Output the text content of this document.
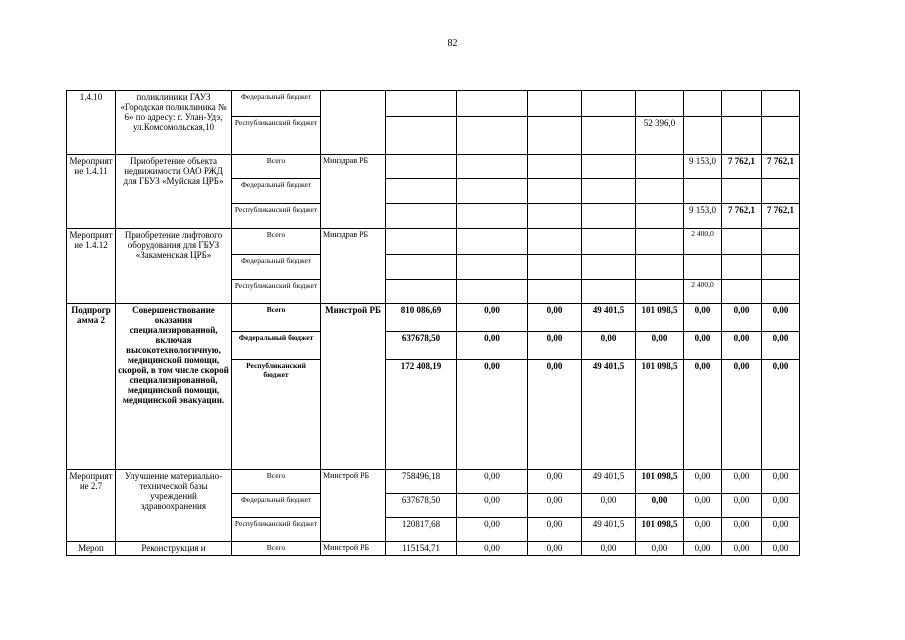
82
1.4.10	поликлиники ГАУЗ «Городская поликлиника № 6» по адресу: г. Улан-Удэ, ул.Комсомольская,10	Федеральный бюджет									
		Республиканский бюджет						52 396,0			
Мероприятие 1.4.11	Приобретение объекта недвижимости ОАО РЖД для ГБУЗ «Муйская ЦРБ»	Всего	Минздрав РБ						9 153,0	7 762,1	7 762,1
		Федеральный бюджет									
		Республиканский бюджет							9 153,0	7 762,1	7 762,1
Мероприятие 1.4.12	Приобретение лифтового оборудования для ГБУЗ «Закаменская ЦРБ»	Всего	Минздрав РБ						2 400,0		
		Федеральный бюджет									
		Республиканский бюджет							2 400,0		
Подпрограмма 2	Совершенствование оказания специализированной, включая высокотехнологичную, медицинской помощи, скорой, в том числе скорой специализированной, медицинской помощи, медицинской эвакуации.	Всего	Минстрой РБ	810 086,69	0,00	0,00	49 401,5	101 098,5	0,00	0,00	0,00
		Федеральный бюджет		637678,50	0,00	0,00	0,00	0,00	0,00	0,00	0,00
		Республиканский бюджет		172 408,19	0,00	0,00	49 401,5	101 098,5	0,00	0,00	0,00
Мероприятие 2.7	Улучшение материально-технической базы учреждений здравоохранения	Всего	Минстрой РБ	758496,18	0,00	0,00	49 401,5	101 098,5	0,00	0,00	0,00
		Федеральный бюджет		637678,50	0,00	0,00	0,00	0,00	0,00	0,00	0,00
		Республиканский бюджет		120817,68	0,00	0,00	49 401,5	101 098,5	0,00	0,00	0,00
Мероп	Реконструкция и	Всего	Минстрой РБ	115154,71	0,00	0,00	0,00	0,00	0,00	0,00	0,00
